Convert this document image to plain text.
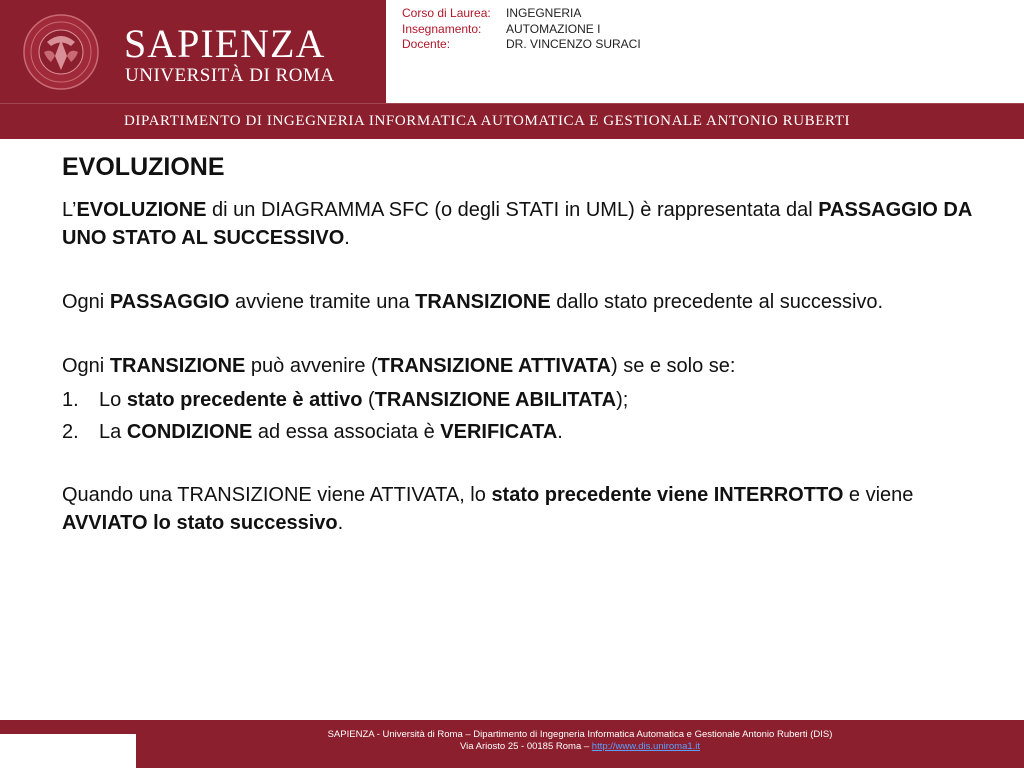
SAPIENZA
UNIVERSITÀ DI ROMA
Corso di Laurea:	INGEGNERIA
Insegnamento:	AUTOMAZIONE I
Docente:	DR. VINCENZO SURACI
DIPARTIMENTO DI INGEGNERIA INFORMATICA AUTOMATICA E GESTIONALE ANTONIO RUBERTI
EVOLUZIONE

L’EVOLUZIONE di un DIAGRAMMA SFC (o degli STATI in UML) è rappresentata dal PASSAGGIO DA UNO STATO AL SUCCESSIVO.

Ogni PASSAGGIO avviene tramite una TRANSIZIONE dallo stato precedente al successivo.

Ogni TRANSIZIONE può avvenire (TRANSIZIONE ATTIVATA) se e solo se:

1.	Lo stato precedente è attivo (TRANSIZIONE ABILITATA);
2.	La CONDIZIONE ad essa associata è VERIFICATA.

Quando una TRANSIZIONE viene ATTIVATA, lo stato precedente viene INTERROTTO e viene AVVIATO lo stato successivo.

SAPIENZA - Università di Roma – Dipartimento di Ingegneria Informatica Automatica e Gestionale Antonio Ruberti (DIS)
Via Ariosto 25 - 00185 Roma – http://www.dis.uniroma1.it
